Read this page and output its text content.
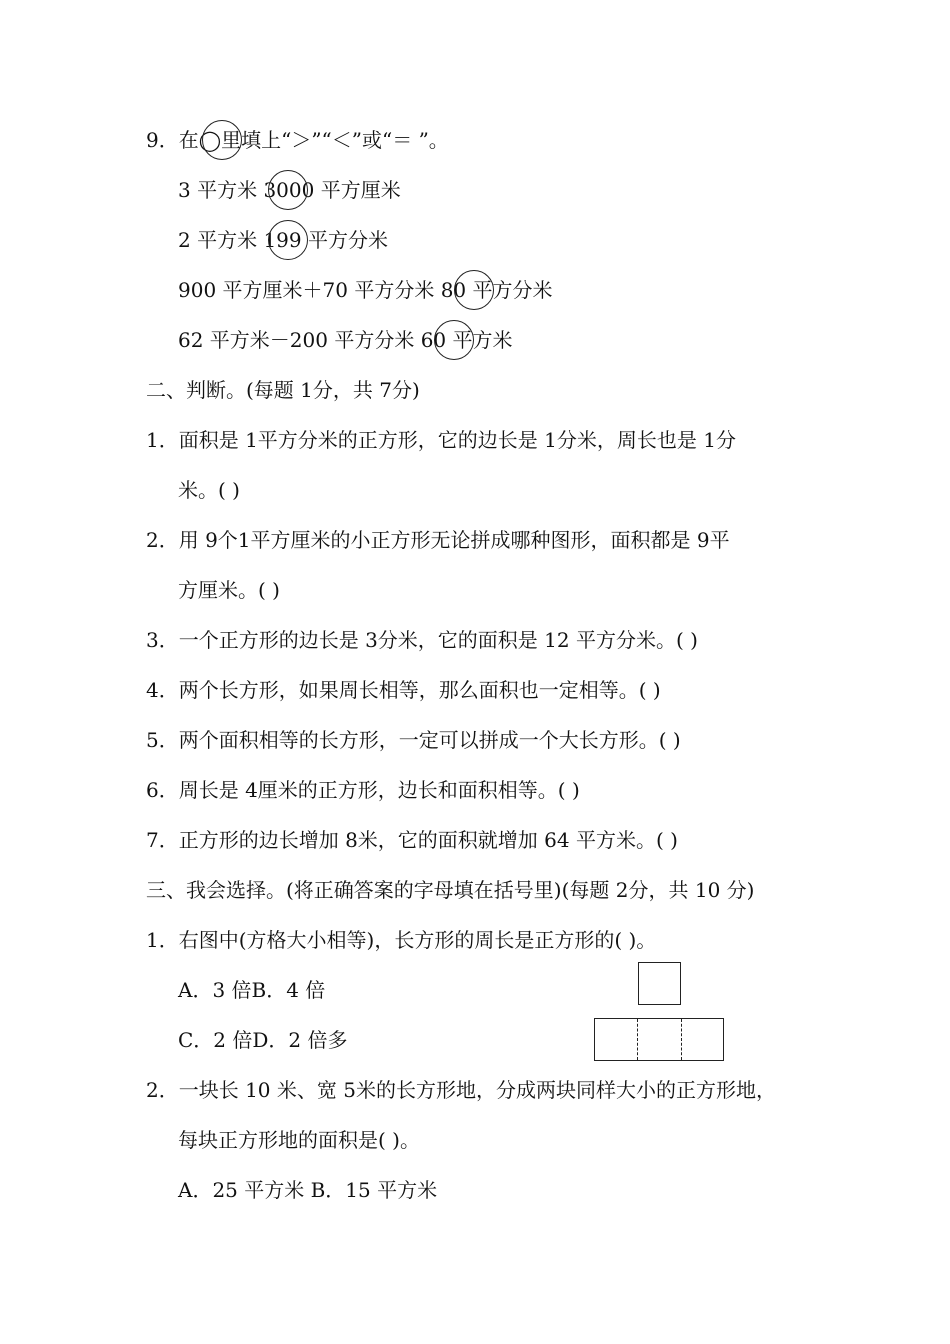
9．在◯里填上“＞”“＜”或“＝ ”。
3 平方米 3000 平方厘米
2 平方米 199 平方分米
900 平方厘米＋70 平方分米 80 平方分米
62 平方米－200 平方分米 60 平方米
二、判断。(每题 1分，共 7分)
1．面积是 1平方分米的正方形，它的边长是 1分米，周长也是 1分
米。( )
2．用 9个1平方厘米的小正方形无论拼成哪种图形，面积都是 9平
方厘米。( )
3．一个正方形的边长是 3分米，它的面积是 12 平方分米。( )
4．两个长方形，如果周长相等，那么面积也一定相等。( )
5．两个面积相等的长方形，一定可以拼成一个大长方形。( )
6．周长是 4厘米的正方形，边长和面积相等。( )
7．正方形的边长增加 8米，它的面积就增加 64 平方米。( )
三、我会选择。(将正确答案的字母填在括号里)(每题 2分，共 10 分)
1．右图中(方格大小相等)，长方形的周长是正方形的( )。
A．3 倍B．4 倍
C．2 倍D．2 倍多
2．一块长 10 米、宽 5米的长方形地，分成两块同样大小的正方形地，
每块正方形地的面积是( )。
A．25 平方米 B．15 平方米
